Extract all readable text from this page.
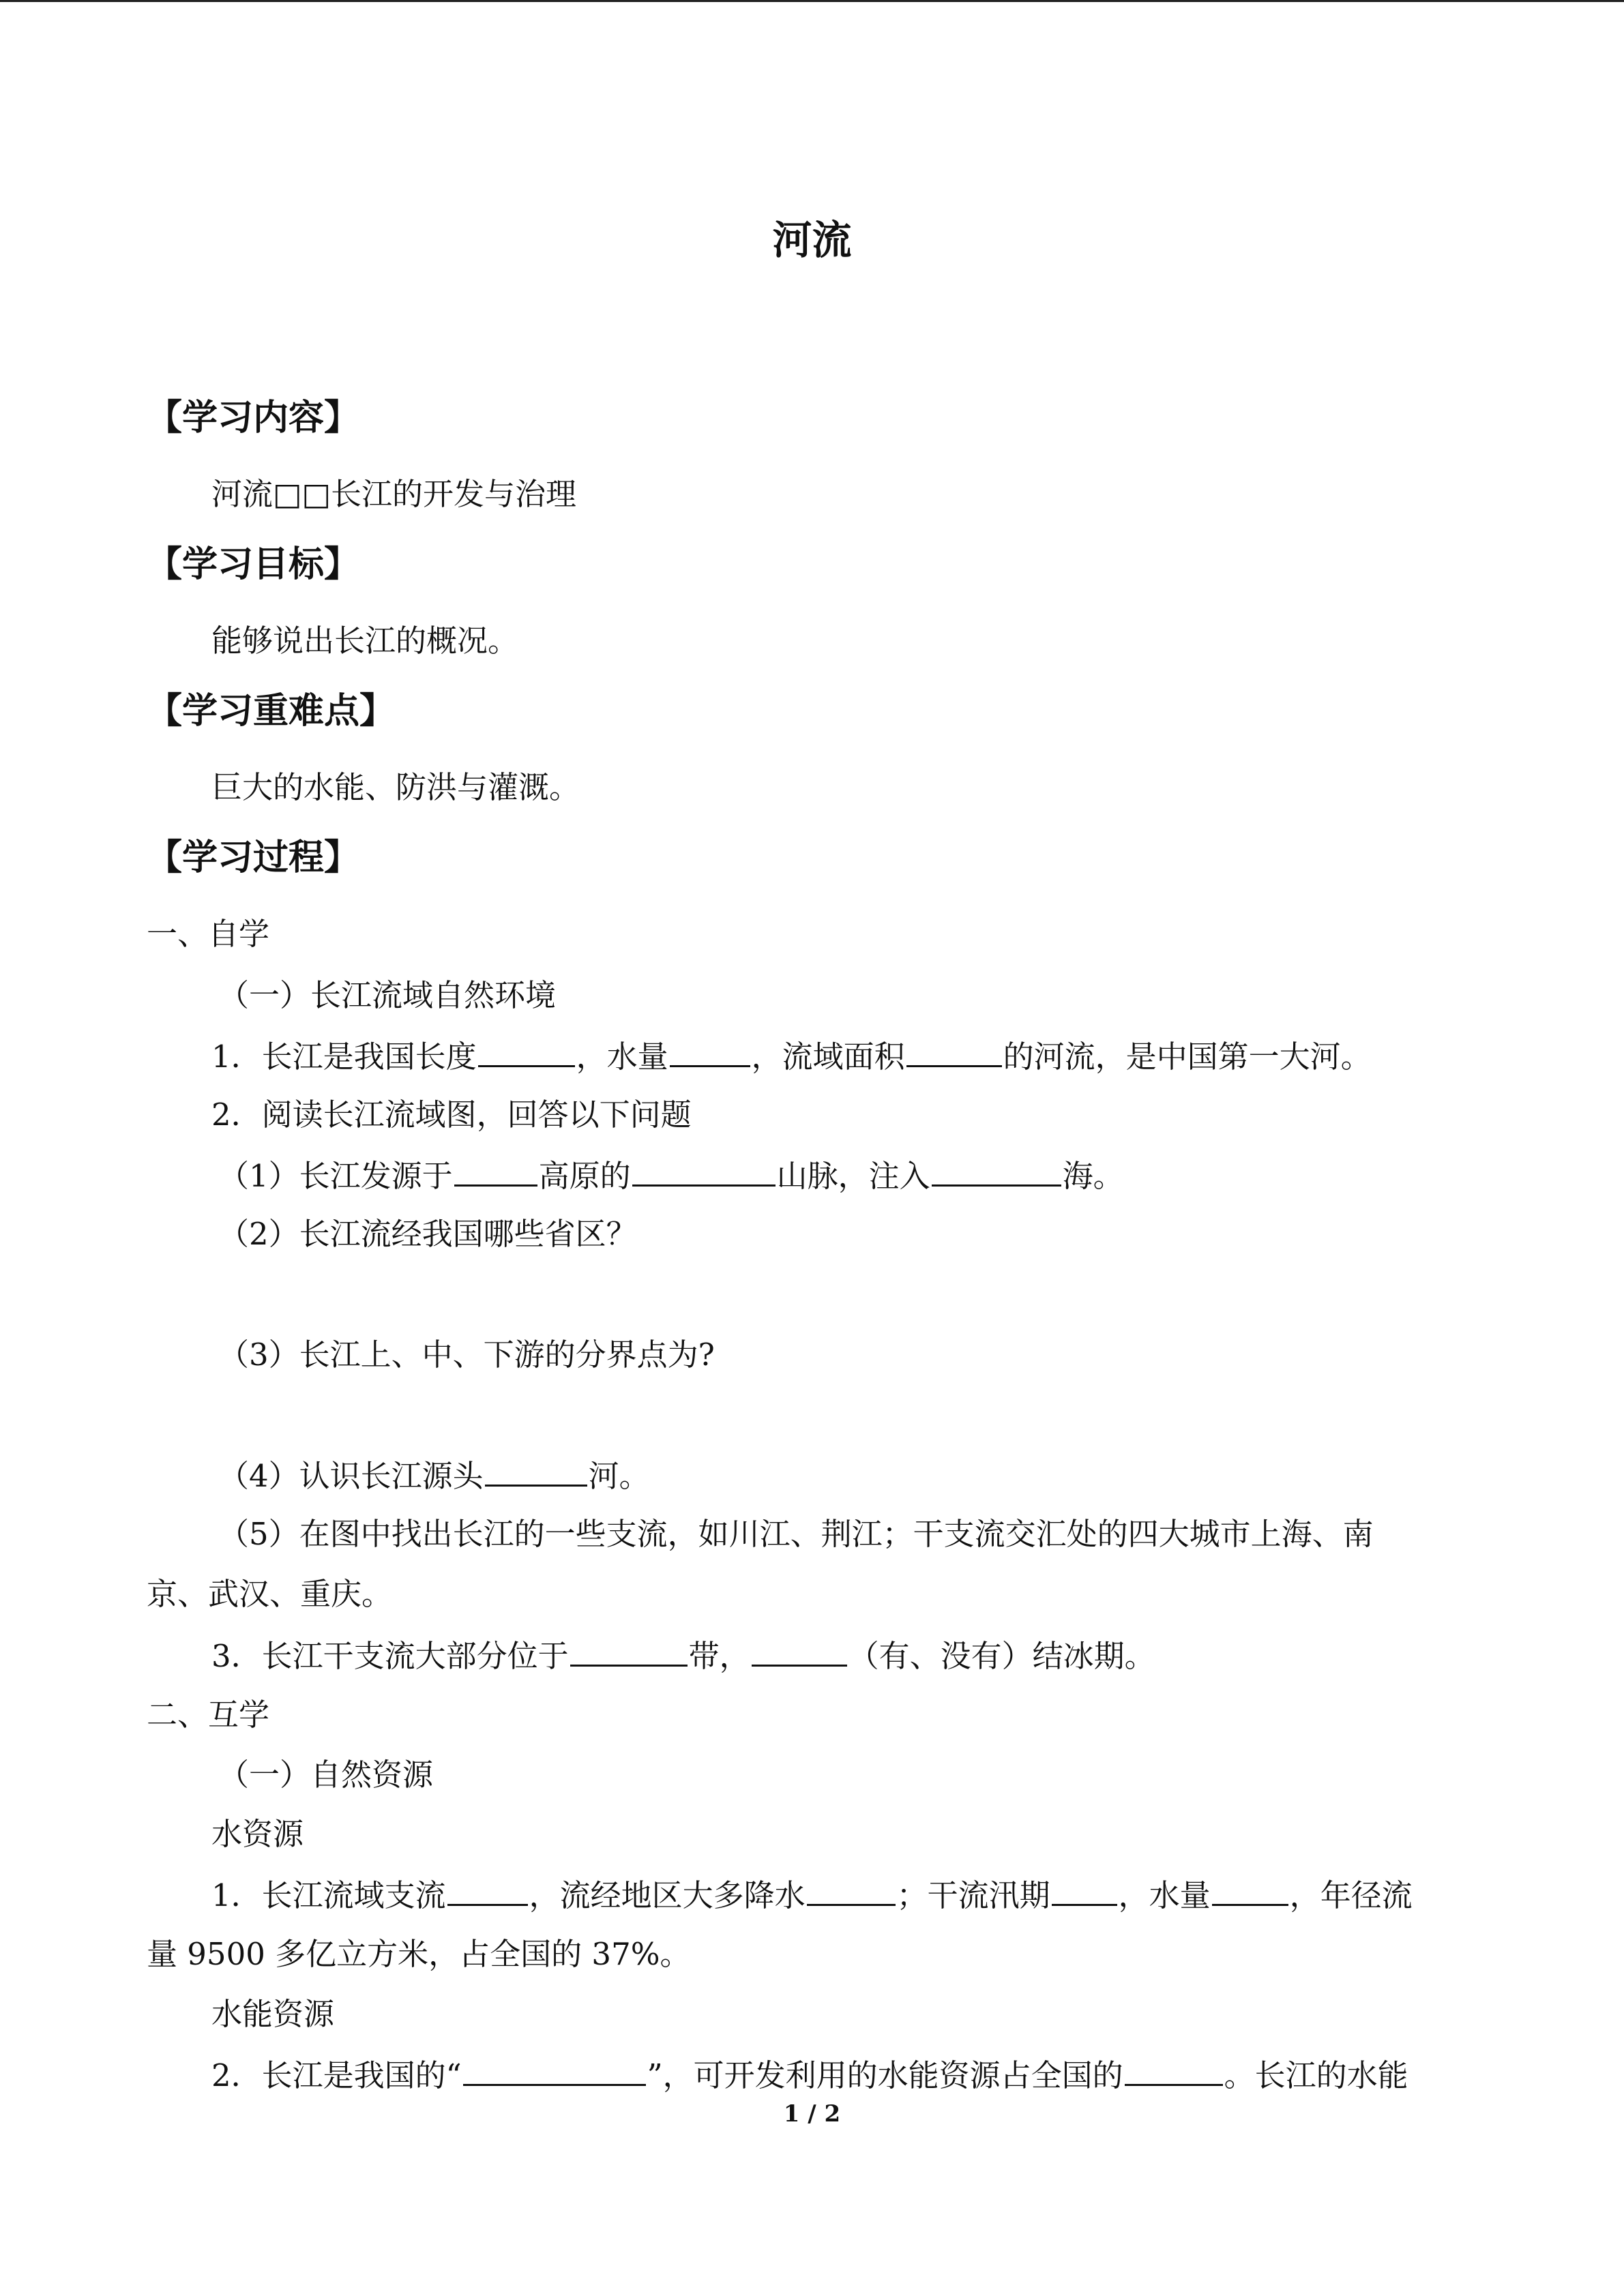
河流
【学习内容】
河流□□长江的开发与治理
【学习目标】
能够说出长江的概况。
【学习重难点】
巨大的水能、防洪与灌溉。
【学习过程】
一、自学
（一）长江流域自然环境
1．长江是我国长度	，水量	，流域面积	的河流，是中国第一大河。
2．阅读长江流域图，回答以下问题
（1）长江发源于	高原的	山脉，注入	海。
（2）长江流经我国哪些省区？
（3）长江上、中、下游的分界点为?
（4）认识长江源头	河。
（5）在图中找出长江的一些支流，如川江、荆江；干支流交汇处的四大城市上海、南
京、武汉、重庆。
3．长江干支流大部分位于	带，	（有、没有）结冰期。
二、互学
（一）自然资源
水资源
1．长江流域支流	，流经地区大多降水	；干流汛期 ，水量	，年径流
量 9500 多亿立方米，占全国的 37%。
水能资源
2．长江是我国的“	”，可开发利用的水能资源占全国的	。长江的水能
1 / 2
